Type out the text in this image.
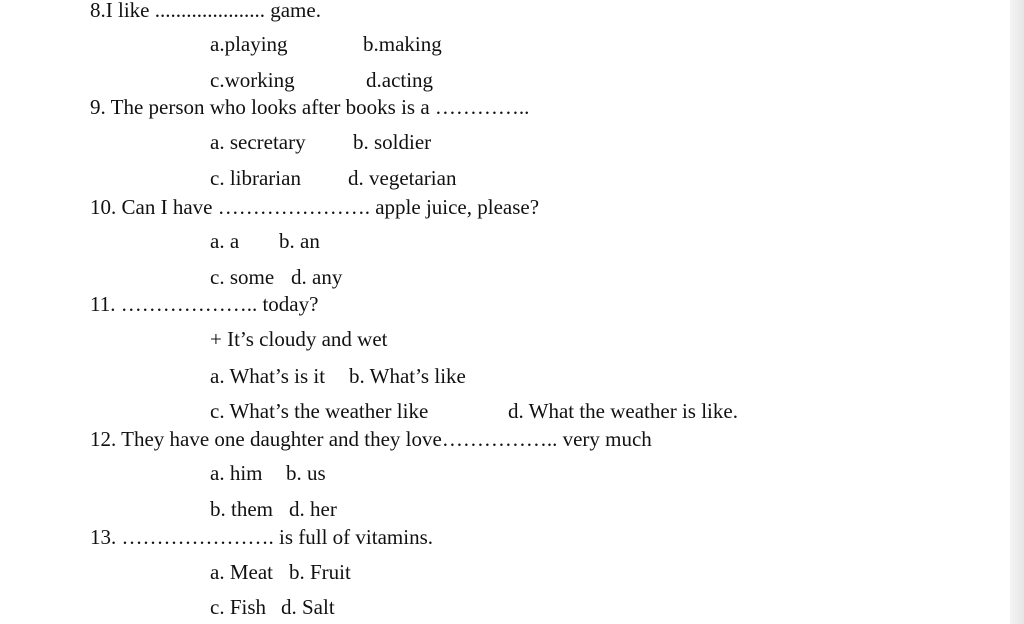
8.I like ..................... game.
a.playing	b.making
c.working	d.acting
9. The person who looks after books is a …………..
a. secretary b. soldier
c. librarian d. vegetarian
10. Can I have …………………. apple juice, please?
a. a b. an
c. some d. any
11. ……………….. today?
+ It’s cloudy and wet
a. What’s is it b. What’s like
c. What’s the weather like	d. What the weather is like.
12. They have one daughter and they love…………….. very much
a. him b. us
b. them d. her
13. …………………. is full of vitamins.
a. Meat b. Fruit
c. Fish d. Salt
